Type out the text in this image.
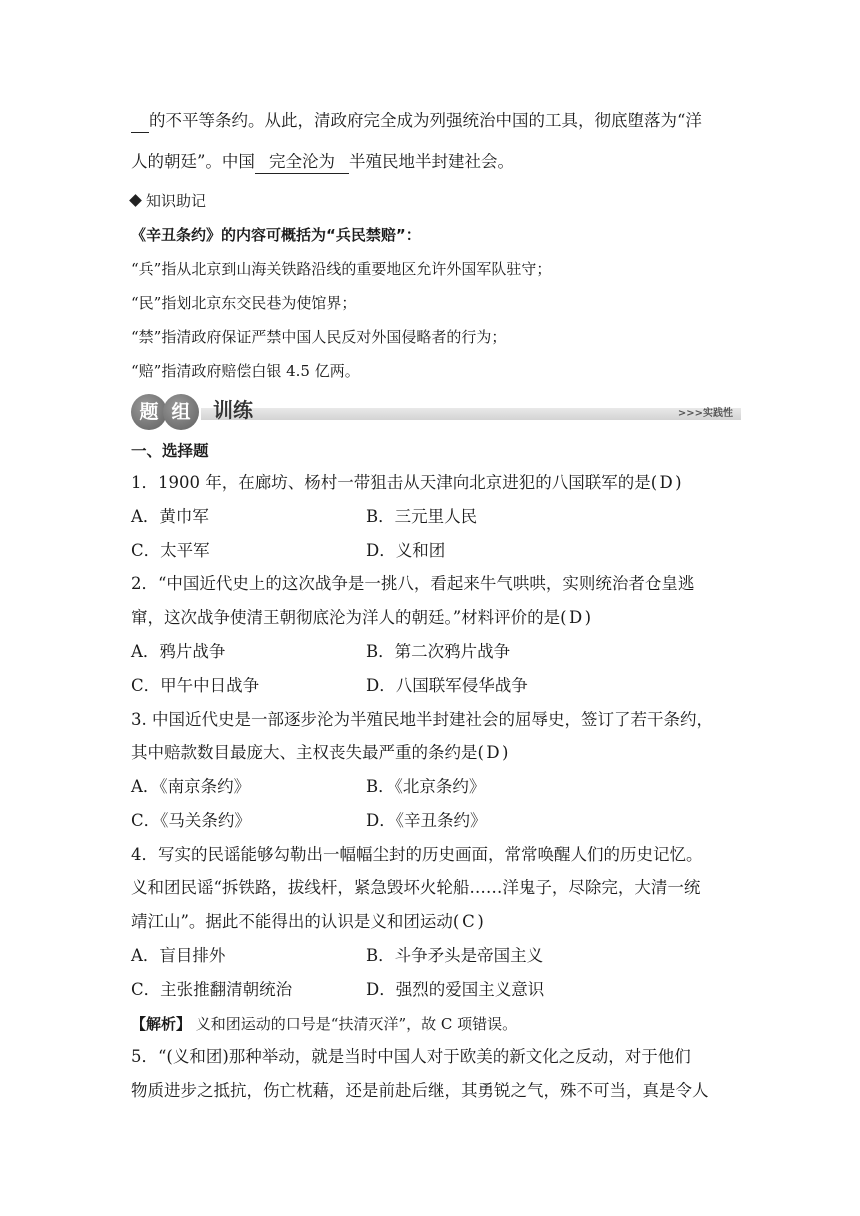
的不平等条约。从此，清政府完全成为列强统治中国的工具，彻底堕落为“洋
人的朝廷”。中国 完全沦为 半殖民地半封建社会。
知识助记
《辛丑条约》的内容可概括为“兵民禁赔”：
“兵”指从北京到山海关铁路沿线的重要地区允许外国军队驻守；
“民”指划北京东交民巷为使馆界；
“禁”指清政府保证严禁中国人民反对外国侵略者的行为；
“赔”指清政府赔偿白银 4.5 亿两。
题 组	训练	>>>实践性
一、选择题
1．1900 年，在廊坊、杨村一带狙击从天津向北京进犯的八国联军的是( D )
A．黄巾军	B．三元里人民
C．太平军	D．义和团
2．“中国近代史上的这次战争是一挑八，看起来牛气哄哄，实则统治者仓皇逃
窜，这次战争使清王朝彻底沦为洋人的朝廷。”材料评价的是( D )
A．鸦片战争	B．第二次鸦片战争
C．甲午中日战争	D．八国联军侵华战争
3. 中国近代史是一部逐步沦为半殖民地半封建社会的屈辱史，签订了若干条约，
其中赔款数目最庞大、主权丧失最严重的条约是( D )
A．《南京条约》	B．《北京条约》
C．《马关条约》	D．《辛丑条约》
4．写实的民谣能够勾勒出一幅幅尘封的历史画面，常常唤醒人们的历史记忆。
义和团民谣“拆铁路，拔线杆，紧急毁坏火轮船……洋鬼子，尽除完，大清一统
靖江山”。据此不能得出的认识是义和团运动( C )
A．盲目排外	B．斗争矛头是帝国主义
C．主张推翻清朝统治	D．强烈的爱国主义意识
【解析】 义和团运动的口号是“扶清灭洋”，故 C 项错误。
5．“(义和团)那种举动，就是当时中国人对于欧美的新文化之反动，对于他们
物质进步之抵抗，伤亡枕藉，还是前赴后继，其勇锐之气，殊不可当，真是令人
